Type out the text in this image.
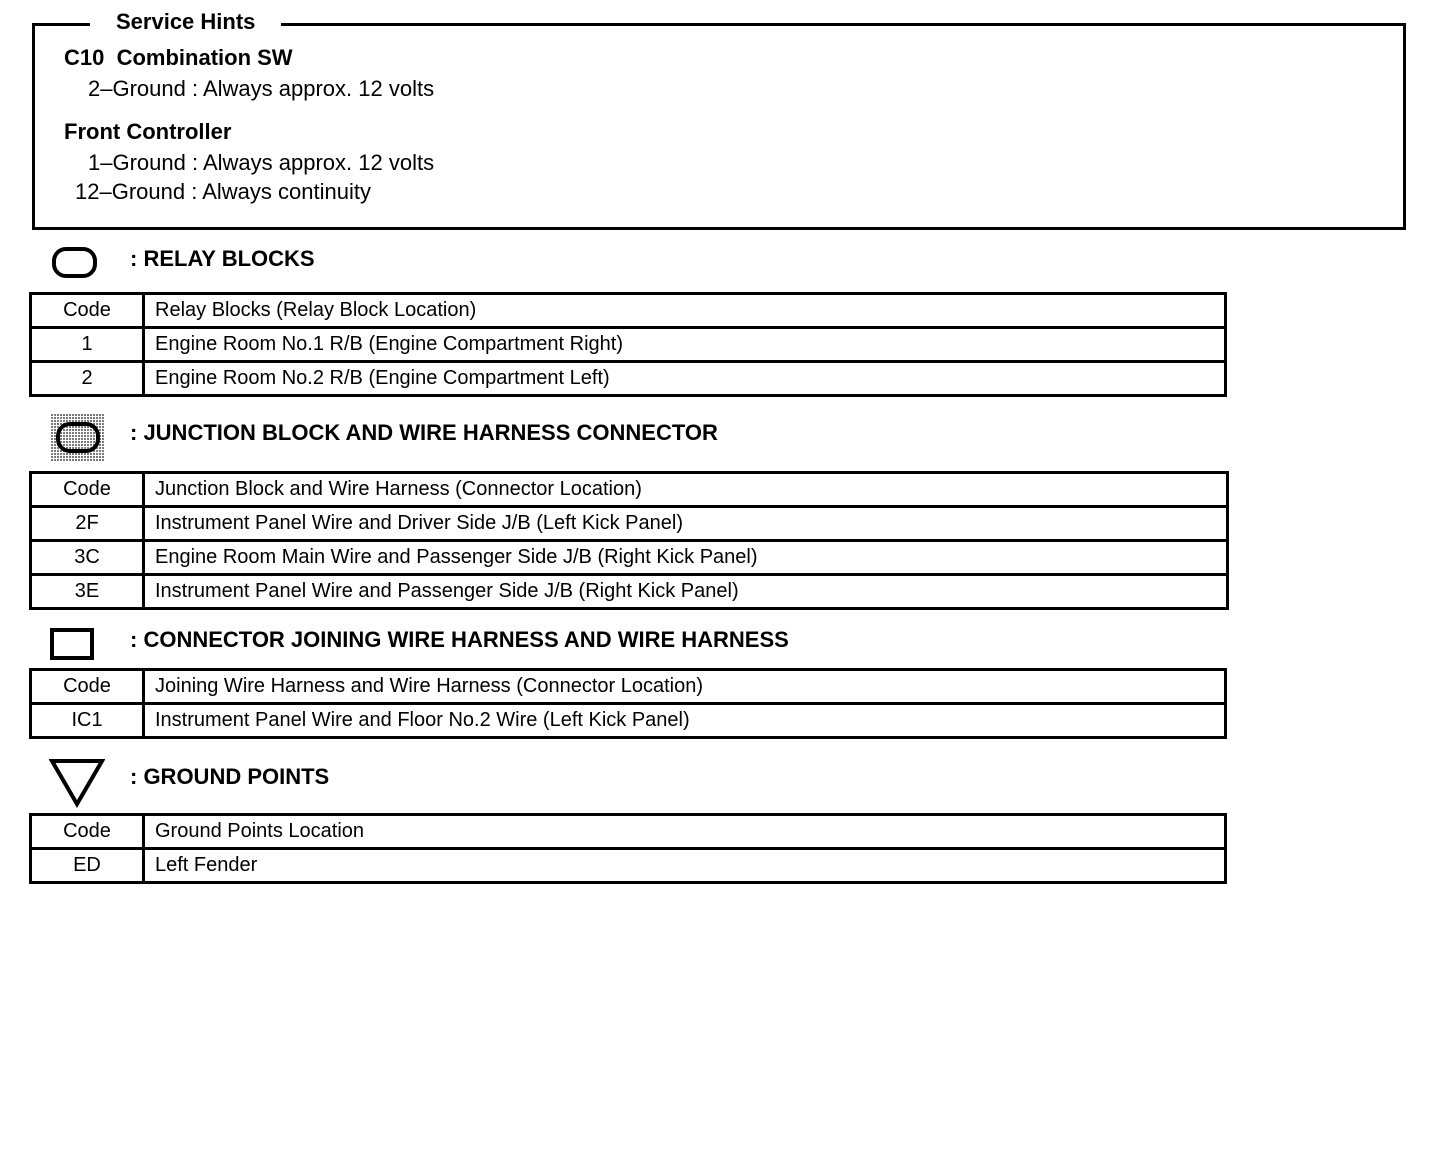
Service Hints
C10  Combination SW
2–Ground : Always approx. 12 volts
Front Controller
1–Ground : Always approx. 12 volts
12–Ground : Always continuity
: RELAY BLOCKS
Code	Relay Blocks (Relay Block Location)
1	Engine Room No.1 R/B (Engine Compartment Right)
2	Engine Room No.2 R/B (Engine Compartment Left)
: JUNCTION BLOCK AND WIRE HARNESS CONNECTOR
Code	Junction Block and Wire Harness (Connector Location)
2F	Instrument Panel Wire and Driver Side J/B (Left Kick Panel)
3C	Engine Room Main Wire and Passenger Side J/B (Right Kick Panel)
3E	Instrument Panel Wire and Passenger Side J/B (Right Kick Panel)
: CONNECTOR JOINING WIRE HARNESS AND WIRE HARNESS
Code	Joining Wire Harness and Wire Harness (Connector Location)
IC1	Instrument Panel Wire and Floor No.2 Wire (Left Kick Panel)
: GROUND POINTS
Code	Ground Points Location
ED	Left Fender
